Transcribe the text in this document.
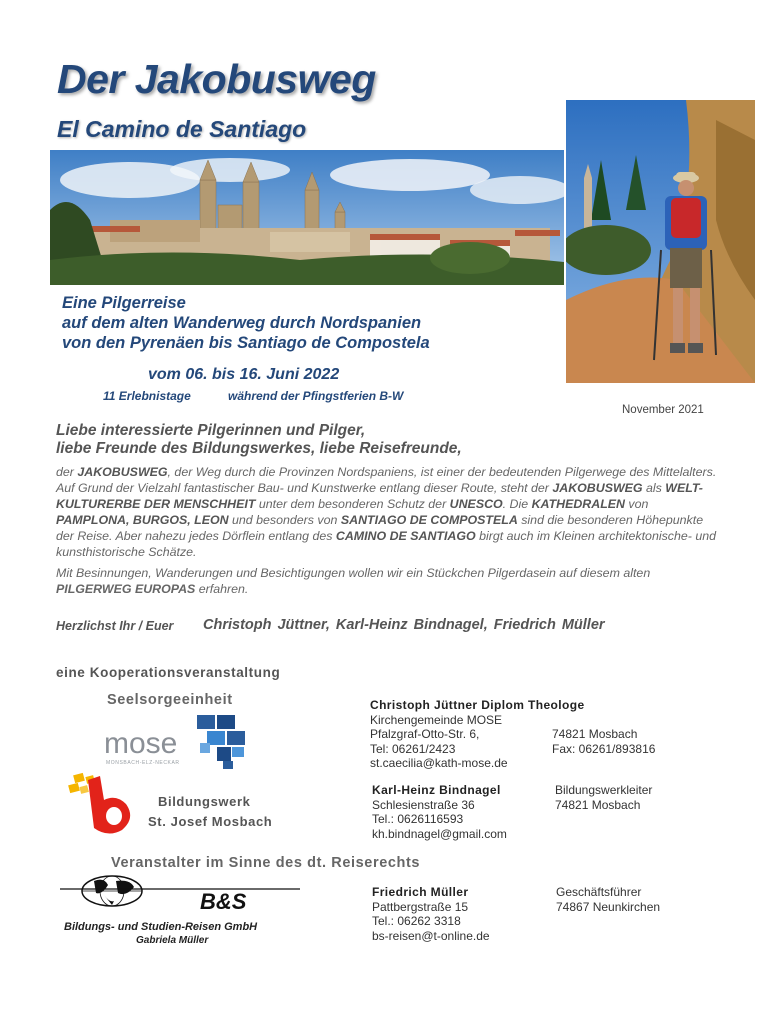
Der Jakobusweg
El Camino de Santiago
Eine Pilgerreise
auf dem alten Wanderweg durch Nordspanien
von den Pyrenäen bis Santiago de Compostela
vom 06. bis 16. Juni 2022
11 Erlebnistage	während der Pfingstferien B-W
November 2021
Liebe interessierte Pilgerinnen und Pilger,
liebe Freunde des Bildungswerkes, liebe Reisefreunde,
der JAKOBUSWEG, der Weg durch die Provinzen Nordspaniens, ist einer der bedeutenden Pilgerwege des Mittelalters. Auf Grund der Vielzahl fantastischer Bau- und Kunstwerke entlang dieser Route, steht der JAKOBUSWEG als WELT-KULTURERBE DER MENSCHHEIT unter dem besonderen Schutz der UNESCO. Die KATHEDRALEN von PAMPLONA, BURGOS, LEON und besonders von SANTIAGO DE COMPOSTELA sind die besonderen Höhepunkte der Reise. Aber nahezu jedes Dörflein entlang des CAMINO DE SANTIAGO birgt auch im Kleinen architektonische- und kunsthistorische Schätze.
Mit Besinnungen, Wanderungen und Besichtigungen wollen wir ein Stückchen Pilgerdasein auf diesem alten PILGERWEG EUROPAS erfahren.
Herzlichst Ihr / Euer Christoph Jüttner, Karl-Heinz Bindnagel, Friedrich Müller
eine Kooperationsveranstaltung
Seelsorgeeinheit
mose
MONSBACH-ELZ-NECKAR
Bildungswerk
St. Josef Mosbach
Veranstalter im Sinne des dt. Reiserechts
B&S
Bildungs- und Studien-Reisen GmbH
Gabriela Müller
Christoph Jüttner Diplom Theologe
Kirchengemeinde MOSE
Pfalzgraf-Otto-Str. 6,
Tel: 06261/2423
st.caecilia@kath-mose.de
74821 Mosbach
Fax: 06261/893816
Karl-Heinz Bindnagel
Schlesienstraße 36
Tel.: 0626116593
kh.bindnagel@gmail.com
Bildungswerkleiter
74821 Mosbach
Friedrich Müller
Pattbergstraße 15
Tel.: 06262 3318
bs-reisen@t-online.de
Geschäftsführer
74867 Neunkirchen
